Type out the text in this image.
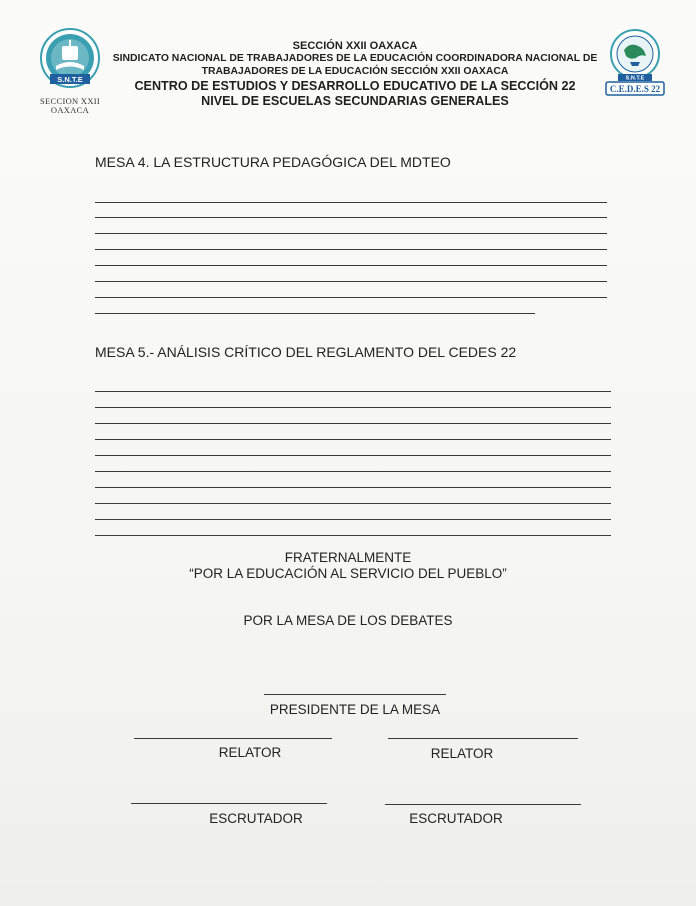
S.N.T.E
SECCION XXII
OAXACA
S.N.T.E
C.E.D.E.S 22

SECCIÓN XXII OAXACA

SINDICATO NACIONAL DE TRABAJADORES DE LA EDUCACIÓN COORDINADORA NACIONAL DE

TRABAJADORES DE LA EDUCACIÓN SECCIÓN XXII OAXACA

CENTRO DE ESTUDIOS Y DESARROLLO EDUCATIVO DE LA SECCIÓN 22

NIVEL DE ESCUELAS SECUNDARIAS GENERALES

MESA 4. LA ESTRUCTURA PEDAGÓGICA DEL MDTEO
MESA 5.- ANÁLISIS CRÍTICO DEL REGLAMENTO DEL CEDES 22
FRATERNALMENTE
“POR LA EDUCACIÓN AL SERVICIO DEL PUEBLO”
POR LA MESA DE LOS DEBATES
PRESIDENTE DE LA MESA
RELATOR	RELATOR
ESCRUTADOR	ESCRUTADOR
